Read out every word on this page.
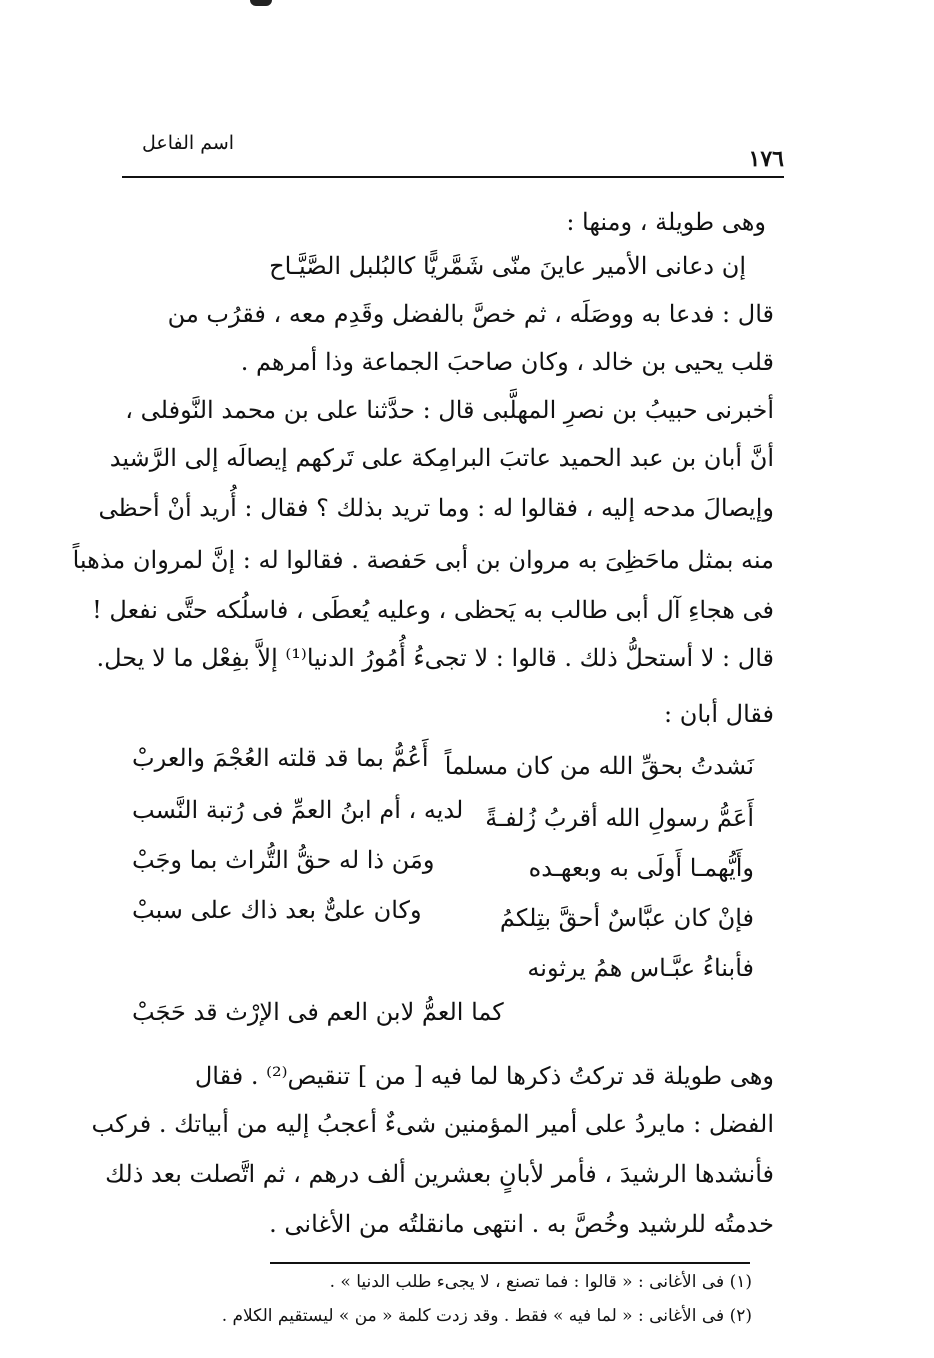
اسم الفاعل
١٧٦
وهى طويلة ، ومنها :
إن دعانى الأمير عاينَ منّى شَمَّريًّا كالبُلبل الصَّيَّـاح
قال : فدعا به ووصَلَه ، ثم خصَّ بالفضل وقَدِم معه ، فقرُب من
قلب يحيى بن خالد ، وكان صاحبَ الجماعة وذا أمرهم .
أخبرنى حبيبُ بن نصرِ المهلَّبى قال : حدَّثنا على بن محمد النَّوفلى ،
أنَّ أبان بن عبد الحميد عاتبَ البرامِكة على تَركهم إيصالَه إلى الرَّشيد
وإيصالَ مدحه إليه ، فقالوا له : وما تريد بذلك ؟ فقال : أُريد أنْ أحظى
منه بمثل ماحَظِىَ به مروان بن أبى حَفصة . فقالوا له : إنَّ لمروان مذهباً
فى هجاءِ آل أبى طالب به يَحظى ، وعليه يُعطَى ، فاسلُكه حتَّى نفعل !
قال : لا أستحلُّ ذلك . قالوا : لا تجىءُ أُمُورُ الدنيا⁽¹⁾ إلاَّ بفِعْل ما لا يحل.
فقال أبان :
نَشدتُ بحقِّ الله من كان مسلماً
أَعُمُّ بما قد قلته العُجْمَ والعربْ
أَعَمُّ رسولِ الله أقربُ زُلفـةً
لديه ، أم ابنُ العمِّ فى رُتبة النَّسب
وأَيُّهمـا أَولَى به وبعهـده
ومَن ذا له حقُّ التُّراث بما وجَبْ
فإنْ كان عبَّاسٌ أحقَّ بتِلكمُ
وكان علىٌّ بعد ذاك على سببْ
فأبناءُ عبَّـاس همُ يرثونه
كما العمُّ لابن العم فى الإرْث قد حَجَبْ
وهى طويلة قد تركتُ ذكرها لما فيه [ من ] تنقيص⁽²⁾ . فقال
الفضل : مايردُ على أمير المؤمنين شىءٌ أعجبُ إليه من أبياتك . فركب
فأنشدها الرشيدَ ، فأمر لأبانٍ بعشرين ألف درهم ، ثم اتَّصلت بعد ذلك
خدمتُه للرشيد وخُصَّ به . انتهى مانقلتُه من الأغانى .
(١) فى الأغانى : « قالوا : فما تصنع ، لا يجىء طلب الدنيا » .
(٢) فى الأغانى : « لما فيه » فقط . وقد زدت كلمة « من » ليستقيم الكلام .
